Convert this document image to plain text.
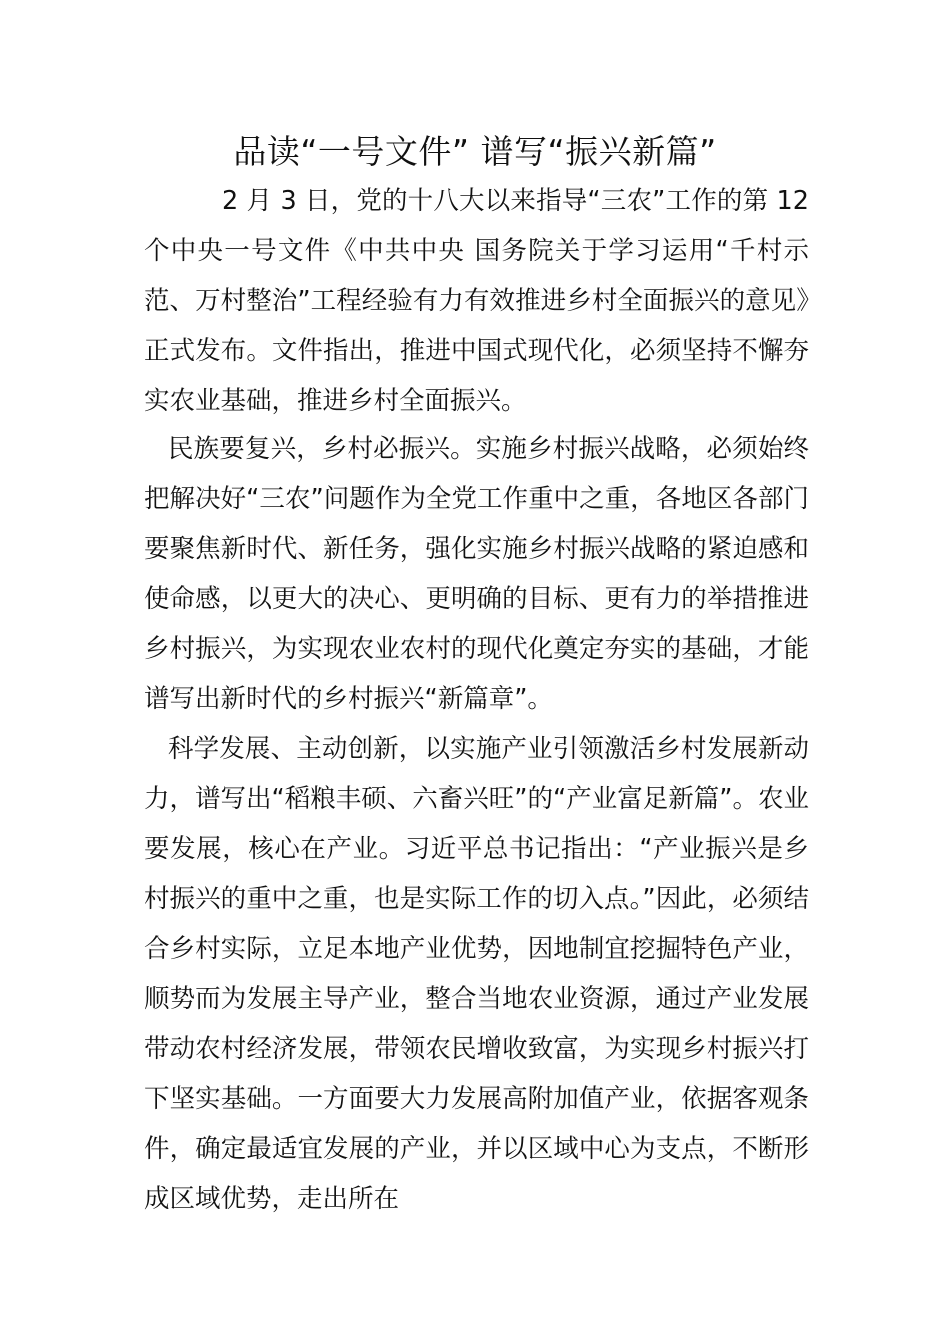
品读“一号文件” 谱写“振兴新篇”

2 月 3 日，党的十八大以来指导“三农”工作的第 12 个中央一号文件《中共中央 国务院关于学习运用“千村示范、万村整治”工程经验有力有效推进乡村全面振兴的意见》正式发布。文件指出，推进中国式现代化，必须坚持不懈夯实农业基础，推进乡村全面振兴。

民族要复兴，乡村必振兴。实施乡村振兴战略，必须始终把解决好“三农”问题作为全党工作重中之重，各地区各部门要聚焦新时代、新任务，强化实施乡村振兴战略的紧迫感和使命感，以更大的决心、更明确的目标、更有力的举措推进乡村振兴，为实现农业农村的现代化奠定夯实的基础，才能谱写出新时代的乡村振兴“新篇章”。

科学发展、主动创新，以实施产业引领激活乡村发展新动力，谱写出“稻粮丰硕、六畜兴旺”的“产业富足新篇”。农业要发展，核心在产业。习近平总书记指出：“产业振兴是乡村振兴的重中之重，也是实际工作的切入点。”因此，必须结合乡村实际，立足本地产业优势，因地制宜挖掘特色产业，顺势而为发展主导产业，整合当地农业资源，通过产业发展带动农村经济发展，带领农民增收致富，为实现乡村振兴打下坚实基础。一方面要大力发展高附加值产业，依据客观条件，确定最适宜发展的产业，并以区域中心为支点，不断形成区域优势，走出所在
